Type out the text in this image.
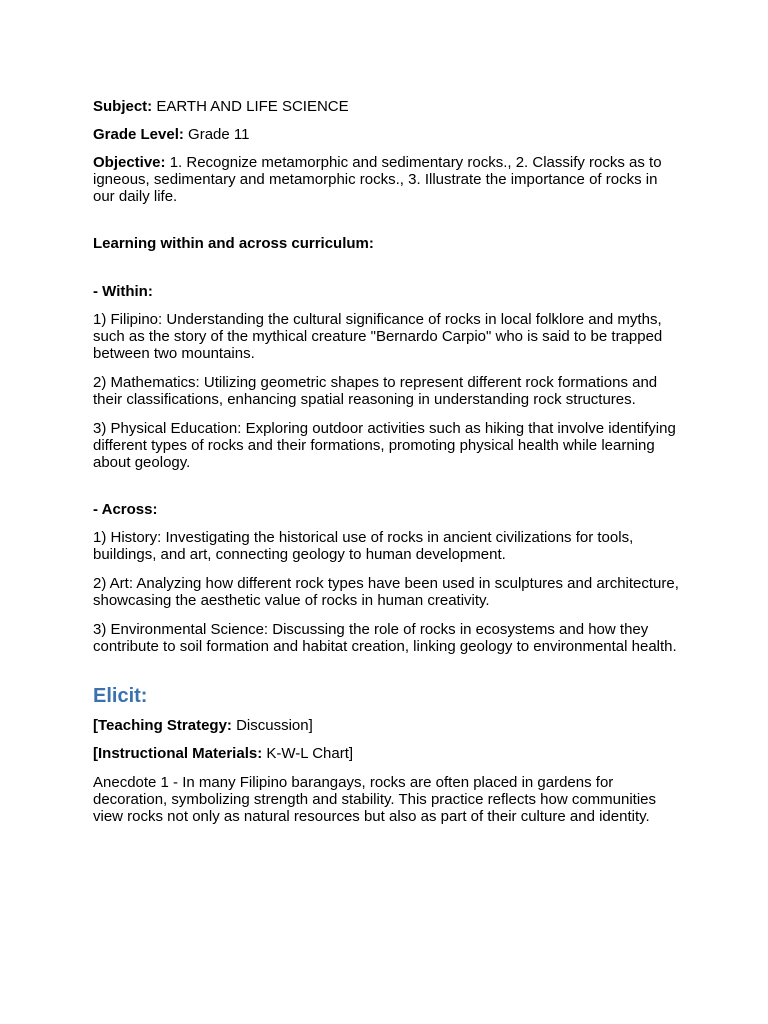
Subject: EARTH AND LIFE SCIENCE

Grade Level: Grade 11

Objective: 1. Recognize metamorphic and sedimentary rocks., 2. Classify rocks as to igneous, sedimentary and metamorphic rocks., 3. Illustrate the importance of rocks in our daily life.

Learning within and across curriculum:

- Within:

1) Filipino: Understanding the cultural significance of rocks in local folklore and myths, such as the story of the mythical creature "Bernardo Carpio" who is said to be trapped between two mountains.

2) Mathematics: Utilizing geometric shapes to represent different rock formations and their classifications, enhancing spatial reasoning in understanding rock structures.

3) Physical Education: Exploring outdoor activities such as hiking that involve identifying different types of rocks and their formations, promoting physical health while learning about geology.

- Across:

1) History: Investigating the historical use of rocks in ancient civilizations for tools, buildings, and art, connecting geology to human development.

2) Art: Analyzing how different rock types have been used in sculptures and architecture, showcasing the aesthetic value of rocks in human creativity.

3) Environmental Science: Discussing the role of rocks in ecosystems and how they contribute to soil formation and habitat creation, linking geology to environmental health.

Elicit:

[Teaching Strategy: Discussion]

[Instructional Materials: K-W-L Chart]

Anecdote 1 - In many Filipino barangays, rocks are often placed in gardens for decoration, symbolizing strength and stability. This practice reflects how communities view rocks not only as natural resources but also as part of their culture and identity.
